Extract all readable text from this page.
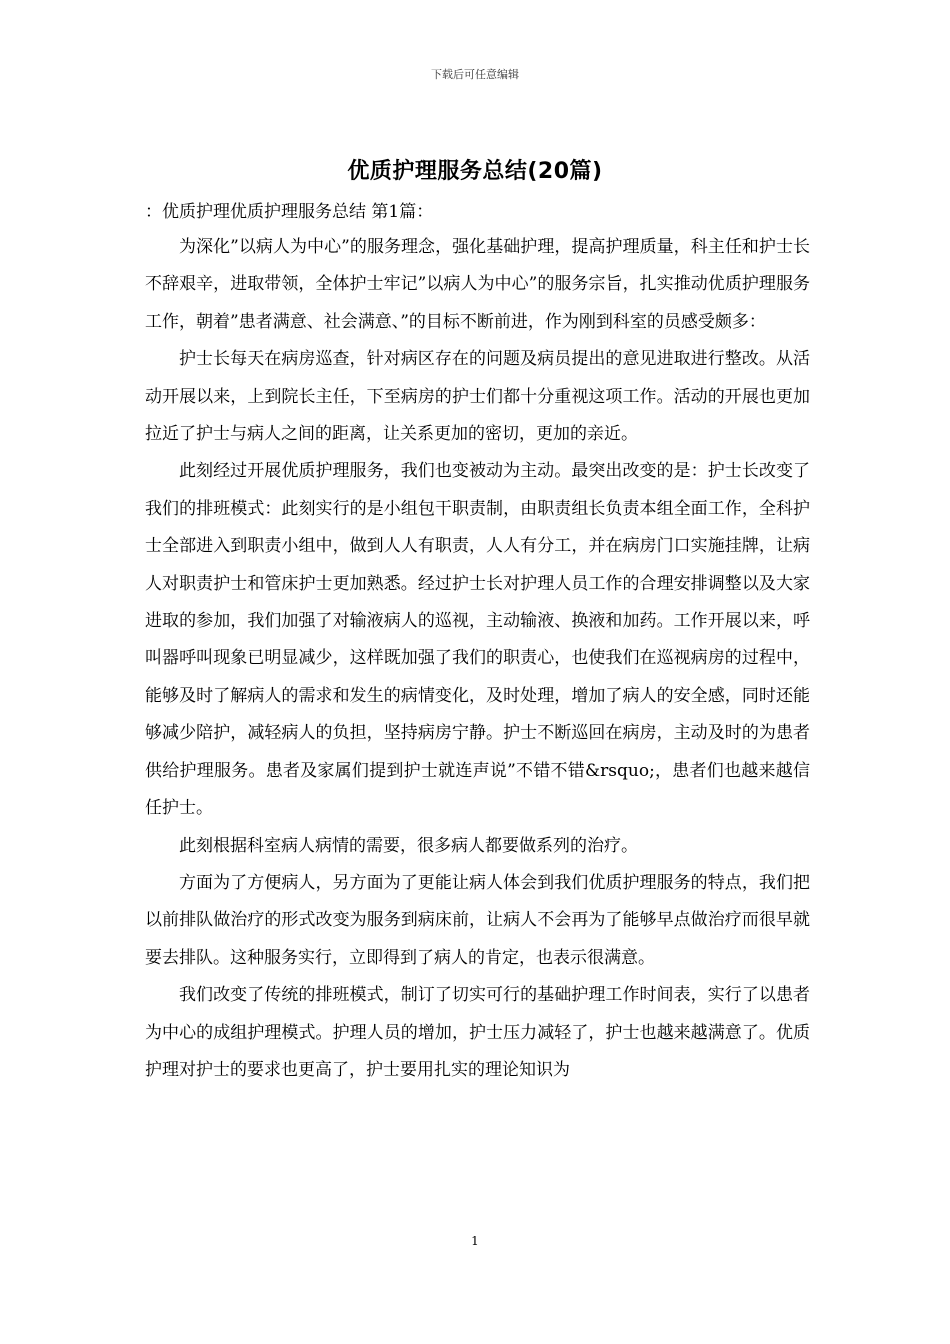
下载后可任意编辑
优质护理服务总结(20篇)

：优质护理优质护理服务总结 第1篇：

为深化”以病人为中心”的服务理念，强化基础护理，提高护理质量，科主任和护士长不辞艰辛，进取带领，全体护士牢记”以病人为中心”的服务宗旨，扎实推动优质护理服务工作，朝着”患者满意、社会满意、”的目标不断前进，作为刚到科室的员感受颇多：

护士长每天在病房巡查，针对病区存在的问题及病员提出的意见进取进行整改。从活动开展以来，上到院长主任，下至病房的护士们都十分重视这项工作。活动的开展也更加拉近了护士与病人之间的距离，让关系更加的密切，更加的亲近。

此刻经过开展优质护理服务，我们也变被动为主动。最突出改变的是：护士长改变了我们的排班模式：此刻实行的是小组包干职责制，由职责组长负责本组全面工作，全科护士全部进入到职责小组中，做到人人有职责，人人有分工，并在病房门口实施挂牌，让病人对职责护士和管床护士更加熟悉。经过护士长对护理人员工作的合理安排调整以及大家进取的参加，我们加强了对输液病人的巡视，主动输液、换液和加药。工作开展以来，呼叫器呼叫现象已明显减少，这样既加强了我们的职责心，也使我们在巡视病房的过程中，能够及时了解病人的需求和发生的病情变化，及时处理，增加了病人的安全感，同时还能够减少陪护，减轻病人的负担，坚持病房宁静。护士不断巡回在病房，主动及时的为患者供给护理服务。患者及家属们提到护士就连声说”不错不错&rsquo;，患者们也越来越信任护士。

此刻根据科室病人病情的需要，很多病人都要做系列的治疗。

方面为了方便病人，另方面为了更能让病人体会到我们优质护理服务的特点，我们把以前排队做治疗的形式改变为服务到病床前，让病人不会再为了能够早点做治疗而很早就要去排队。这种服务实行，立即得到了病人的肯定，也表示很满意。

我们改变了传统的排班模式，制订了切实可行的基础护理工作时间表，实行了以患者为中心的成组护理模式。护理人员的增加，护士压力减轻了，护士也越来越满意了。优质护理对护士的要求也更高了，护士要用扎实的理论知识为

1
